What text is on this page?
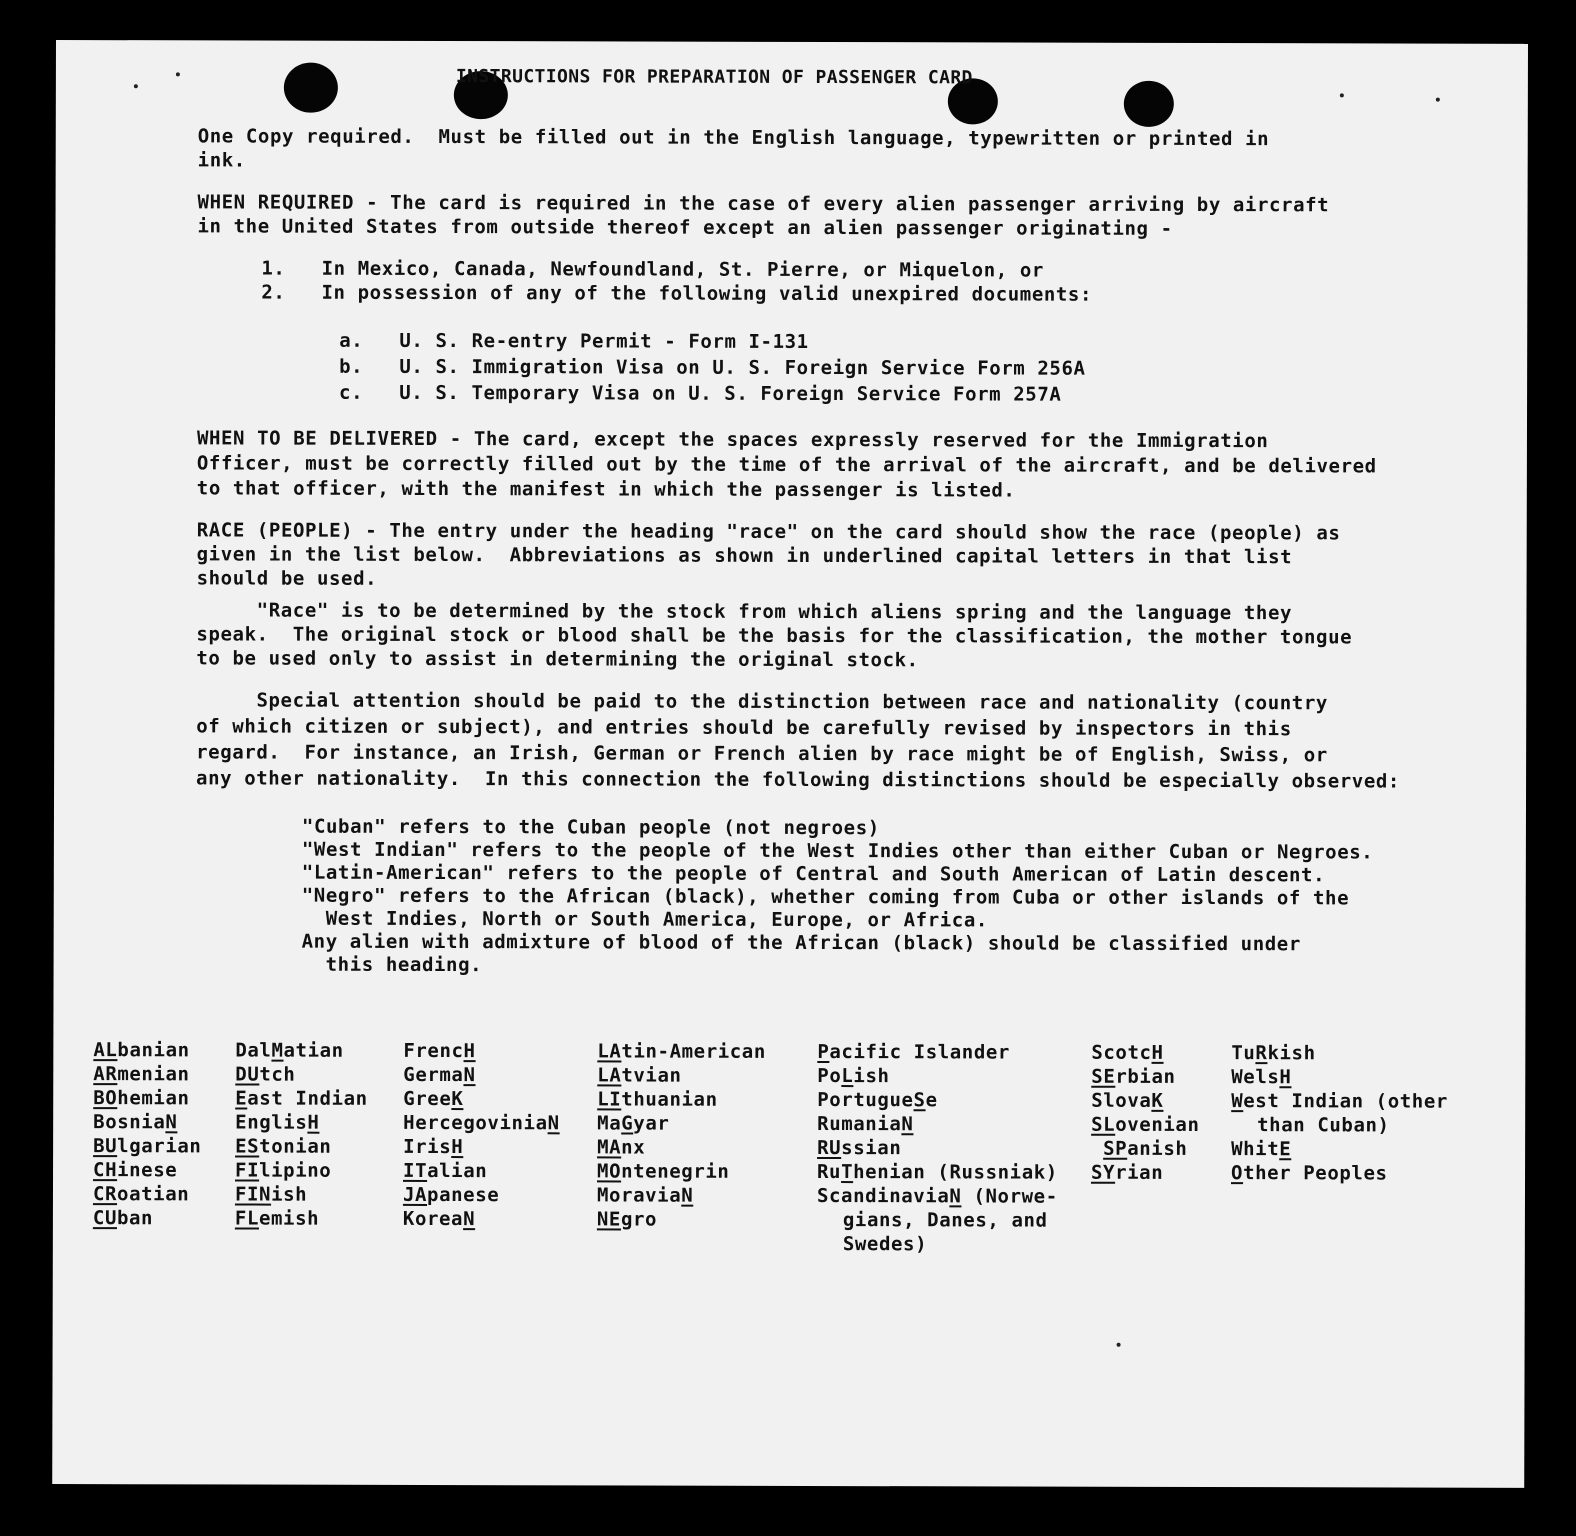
INSTRUCTIONS FOR PREPARATION OF PASSENGER CARD
One Copy required.  Must be filled out in the English language, typewritten or printed in
ink.
WHEN REQUIRED - The card is required in the case of every alien passenger arriving by aircraft
in the United States from outside thereof except an alien passenger originating -
1.   In Mexico, Canada, Newfoundland, St. Pierre, or Miquelon, or
2.   In possession of any of the following valid unexpired documents:
a.   U. S. Re-entry Permit - Form I-131
b.   U. S. Immigration Visa on U. S. Foreign Service Form 256A
c.   U. S. Temporary Visa on U. S. Foreign Service Form 257A
WHEN TO BE DELIVERED - The card, except the spaces expressly reserved for the Immigration
Officer, must be correctly filled out by the time of the arrival of the aircraft, and be delivered
to that officer, with the manifest in which the passenger is listed.
RACE (PEOPLE) - The entry under the heading "race" on the card should show the race (people) as
given in the list below.  Abbreviations as shown in underlined capital letters in that list
should be used.
"Race" is to be determined by the stock from which aliens spring and the language they
speak.  The original stock or blood shall be the basis for the classification, the mother tongue
to be used only to assist in determining the original stock.
Special attention should be paid to the distinction between race and nationality (country
of which citizen or subject), and entries should be carefully revised by inspectors in this
regard.  For instance, an Irish, German or French alien by race might be of English, Swiss, or
any other nationality.  In this connection the following distinctions should be especially observed:
"Cuban" refers to the Cuban people (not negroes)
"West Indian" refers to the people of the West Indies other than either Cuban or Negroes.
"Latin-American" refers to the people of Central and South American of Latin descent.
"Negro" refers to the African (black), whether coming from Cuba or other islands of the
West Indies, North or South America, Europe, or Africa.
Any alien with admixture of blood of the African (black) should be classified under
this heading.
ALbanian
ARmenian
BOhemian
BosniaN
BUlgarian
CHinese
CRoatian
CUban
DalMatian
DUtch
East Indian
EnglisH
EStonian
FIlipino
FINish
FLemish
FrencH
GermaN
GreeK
HercegoviniaN
IrisH
ITalian
JApanese
KoreaN
LAtin-American
LAtvian
LIthuanian
MaGyar
MAnx
MOntenegrin
MoraviaN
NEgro
Pacific Islander
PoLish
PortugueSe
RumaniaN
RUssian
RuThenian (Russniak)
ScandinaviaN (Norwe-
gians, Danes, and
Swedes)
ScotcH
SErbian
SlovaK
SLovenian
SPanish
SYrian
TuRkish
WelsH
West Indian (other
than Cuban)
WhitE
Other Peoples
